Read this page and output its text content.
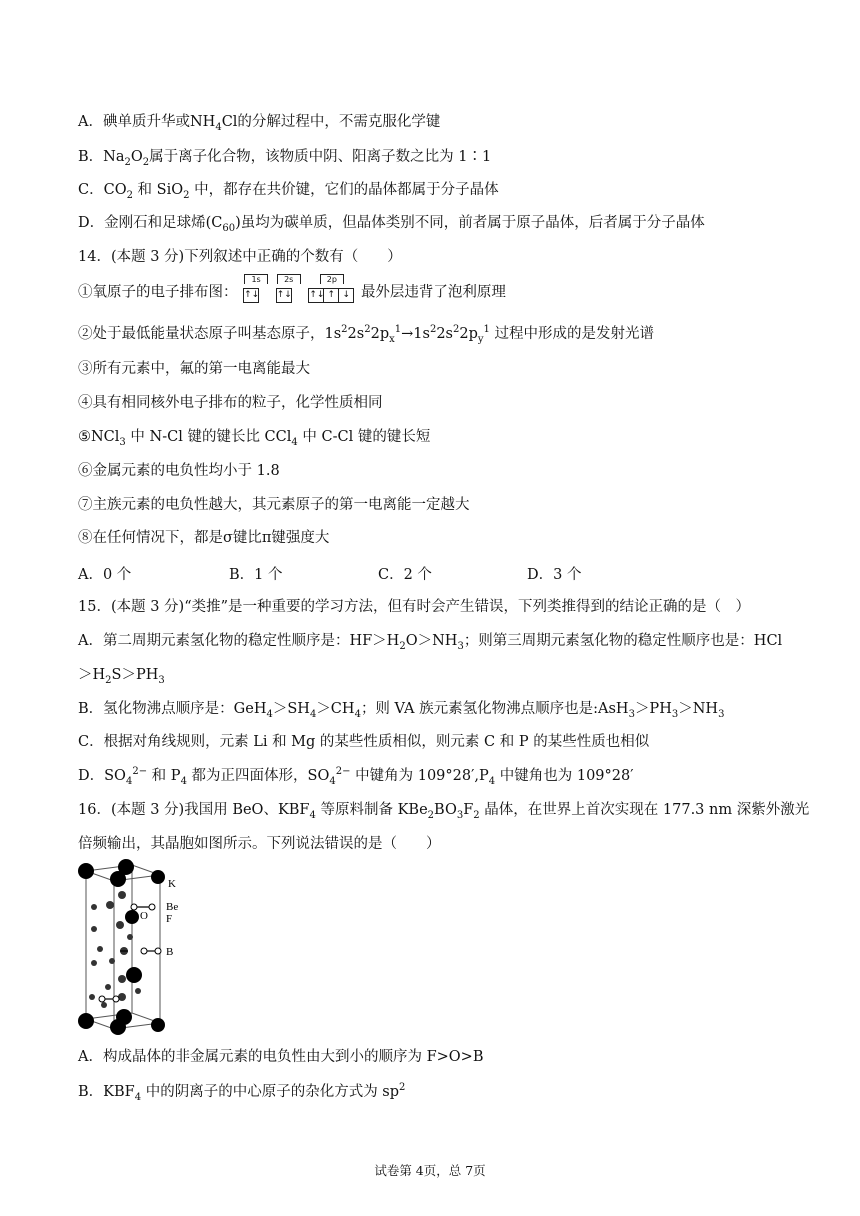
A．碘单质升华或$NH_4Cl$的分解过程中，不需克服化学键
B．$Na_2O_2$属于离子化合物，该物质中阴、阳离子数之比为 1∶1
C．$CO_2$ 和 SiO$_2$ 中，都存在共价键，它们的晶体都属于分子晶体
D．金刚石和足球烯$(C_{60})$虽均为碳单质，但晶体类别不同，前者属于原子晶体，后者属于分子晶体
14．(本题 3 分)下列叙述中正确的个数有（　　）
①氧原子的电子排布图：
1s
↑↓
2s
↑↓
2p
↑↓ ↑ ↓ 最外层违背了泡利原理
②处于最低能量状态原子叫基态原子，$1s^22s^22p_x^1\to 1s^22s^22p_y^1$ 过程中形成的是发射光谱
③所有元素中，氟的第一电离能最大
④具有相同核外电子排布的粒子，化学性质相同
⑤NCl$_3$ 中 N-Cl 键的键长比 CCl$_4$ 中 C-Cl 键的键长短
⑥金属元素的电负性均小于 1.8
⑦主族元素的电负性越大，其元素原子的第一电离能一定越大
⑧在任何情况下，都是σ键比π键强度大
A．0 个	B．1 个	C．2 个	D．3 个
15．(本题 3 分)“类推”是一种重要的学习方法，但有时会产生错误，下列类推得到的结论正确的是（　）
A．第二周期元素氢化物的稳定性顺序是：$HF>H_2O>NH_3$；则第三周期元素氢化物的稳定性顺序也是：HCl
$>H_2S>PH_3$
B．氢化物沸点顺序是：$GeH_4>SH_4>CH_4$；则 VA 族元素氢化物沸点顺序也是$:AsH_3>PH_3>NH_3$
C．根据对角线规则，元素 Li 和 Mg 的某些性质相似，则元素 C 和 P 的某些性质也相似
D．$SO_4^{2-}$ 和 $P_4$ 都为正四面体形，$SO_4^{2-}$ 中键角为 $109^\circ 28',P_4$ 中键角也为 109°28′
16．(本题 3 分)我国用 BeO、$KBF_4$ 等原料制备 $KBe_2BO_3F_2$ 晶体，在世界上首次实现在 177.3 nm 深紫外激光
倍频输出，其晶胞如图所示。下列说法错误的是（　　）
K
Be
O F
B
A．构成晶体的非金属元素的电负性由大到小的顺序为 F>O>B
B．$KBF_4$ 中的阴离子的中心原子的杂化方式为 $sp^2$
试卷第 4页，总 7页
